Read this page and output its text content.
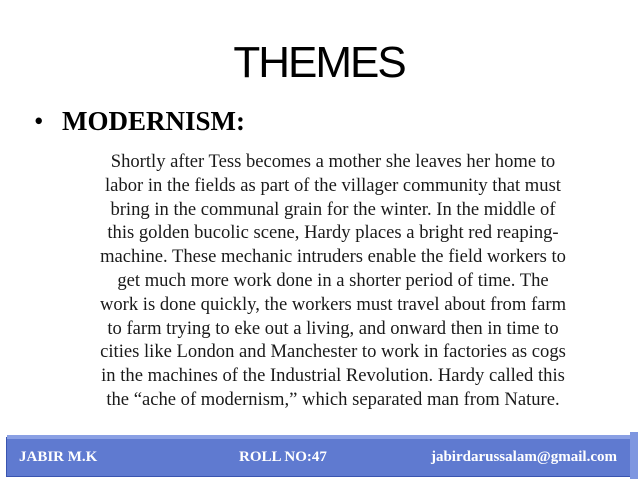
THEMES
• MODERNISM:
Shortly after Tess becomes a mother she leaves her home to
labor in the fields as part of the villager community that must
bring in the communal grain for the winter. In the middle of
this golden bucolic scene, Hardy places a bright red reaping-
machine. These mechanic intruders enable the field workers to
get much more work done in a shorter period of time. The
work is done quickly, the workers must travel about from farm
to farm trying to eke out a living, and onward then in time to
cities like London and Manchester to work in factories as cogs
in the machines of the Industrial Revolution. Hardy called this
the “ache of modernism,” which separated man from Nature.
JABIR M.K	ROLL NO:47	jabirdarussalam@gmail.com
